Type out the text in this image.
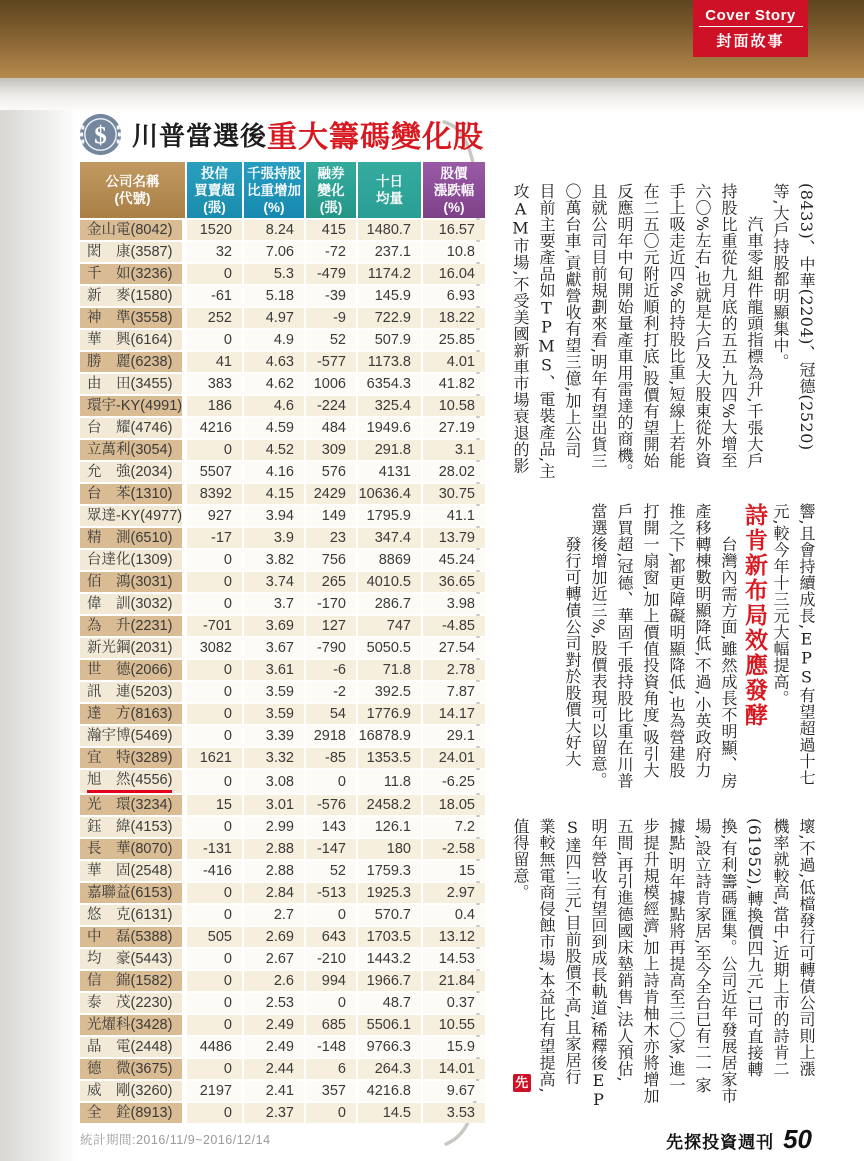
Cover Story
封面故事
$ 川普當選後 重大籌碼變化股
公司名稱
(代號)	投信
買賣超
(張)	千張持股
比重增加
(%)	融券
變化
(張)	十日
均量	股價
漲跌幅
(%)
金山電(8042)	1520	8.24	415	1480.7	16.57
閎　康(3587)	32	7.06	-72	237.1	10.8
千　如(3236)	0	5.3	-479	1174.2	16.04
新　麥(1580)	-61	5.18	-39	145.9	6.93
神　準(3558)	252	4.97	-9	722.9	18.22
華　興(6164)	0	4.9	52	507.9	25.85
勝　麗(6238)	41	4.63	-577	1173.8	4.01
由　田(3455)	383	4.62	1006	6354.3	41.82
環宇-KY(4991)	186	4.6	-224	325.4	10.58
台　耀(4746)	4216	4.59	484	1949.6	27.19
立萬利(3054)	0	4.52	309	291.8	3.1
允　強(2034)	5507	4.16	576	4131	28.02
台　苯(1310)	8392	4.15	2429	10636.4	30.75
眾達-KY(4977)	927	3.94	149	1795.9	41.1
精　測(6510)	-17	3.9	23	347.4	13.79
台達化(1309)	0	3.82	756	8869	45.24
佰　鴻(3031)	0	3.74	265	4010.5	36.65
偉　訓(3032)	0	3.7	-170	286.7	3.98
為　升(2231)	-701	3.69	127	747	-4.85
新光鋼(2031)	3082	3.67	-790	5050.5	27.54
世　德(2066)	0	3.61	-6	71.8	2.78
訊　連(5203)	0	3.59	-2	392.5	7.87
達　方(8163)	0	3.59	54	1776.9	14.17
瀚宇博(5469)	0	3.39	2918	16878.9	29.1
宜　特(3289)	1621	3.32	-85	1353.5	24.01
旭　然(4556)	0	3.08	0	11.8	-6.25
光　環(3234)	15	3.01	-576	2458.2	18.05
鈺　緯(4153)	0	2.99	143	126.1	7.2
長　華(8070)	-131	2.88	-147	180	-2.58
華　固(2548)	-416	2.88	52	1759.3	15
嘉聯益(6153)	0	2.84	-513	1925.3	2.97
悠　克(6131)	0	2.7	0	570.7	0.4
中　磊(5388)	505	2.69	643	1703.5	13.12
均　豪(5443)	0	2.67	-210	1443.2	14.53
信　錦(1582)	0	2.6	994	1966.7	21.84
泰　茂(2230)	0	2.53	0	48.7	0.37
光燿科(3428)	0	2.49	685	5506.1	10.55
晶　電(2448)	4486	2.49	-148	9766.3	15.9
德　微(3675)	0	2.44	6	264.3	14.01
威　剛(3260)	2197	2.41	357	4216.8	9.67
全　銓(8913)	0	2.37	0	14.5	3.53
統計期間:2016/11/9~2016/12/14

(8433)、中華(2204)、冠德(2520)

等,大戶持股都明顯集中。

汽車零組件龍頭指標為升,千張大戶

持股比重從九月底的五五.九四%大增至

六〇%左右,也就是大戶及大股東從外資

手上吸走近四%的持股比重,短線上若能

在二五〇元附近順利打底,股價有望開始

反應明年中旬開始量產車用雷達的商機。

且就公司目前規劃來看,明年有望出貨三

〇萬台車,貢獻營收有望三億,加上公司

目前主要產品如TPMS、電裝產品,主

攻AM市場,不受美國新車市場衰退的影

響,且會持續成長,EPS有望超過十七

元,較今年十三元大幅提高。

詩肯新布局效應發酵

台灣內需方面,雖然成長不明顯、房

產移轉棟數明顯降低,不過,小英政府力

推之下,都更障礙明顯降低,也為營建股

打開一扇窗,加上價值投資角度,吸引大

戶買超,冠德、華固千張持股比重在川普

當選後增加近三%,股價表現可以留意。

發行可轉債公司對於股價大好大

壞,不過,低檔發行可轉債公司則上漲

機率就較高,當中,近期上市的詩肯二

(61952),轉換價四九元,已可直接轉

換,有利籌碼匯集。公司近年發展居家市

場,設立詩肯家居,至今全台已有二一家

據點,明年據點將再提高至三〇家,進一

步提升規模經濟,加上詩肯柚木亦將增加

五間,再引進德國床墊銷售,法人預估,

明年營收有望回到成長軌道,稀釋後EP

S達四.三元,目前股價不高,且家居行

業較無電商侵蝕市場,本益比有望提高,

值得留意。

先
先探投資週刊 50
